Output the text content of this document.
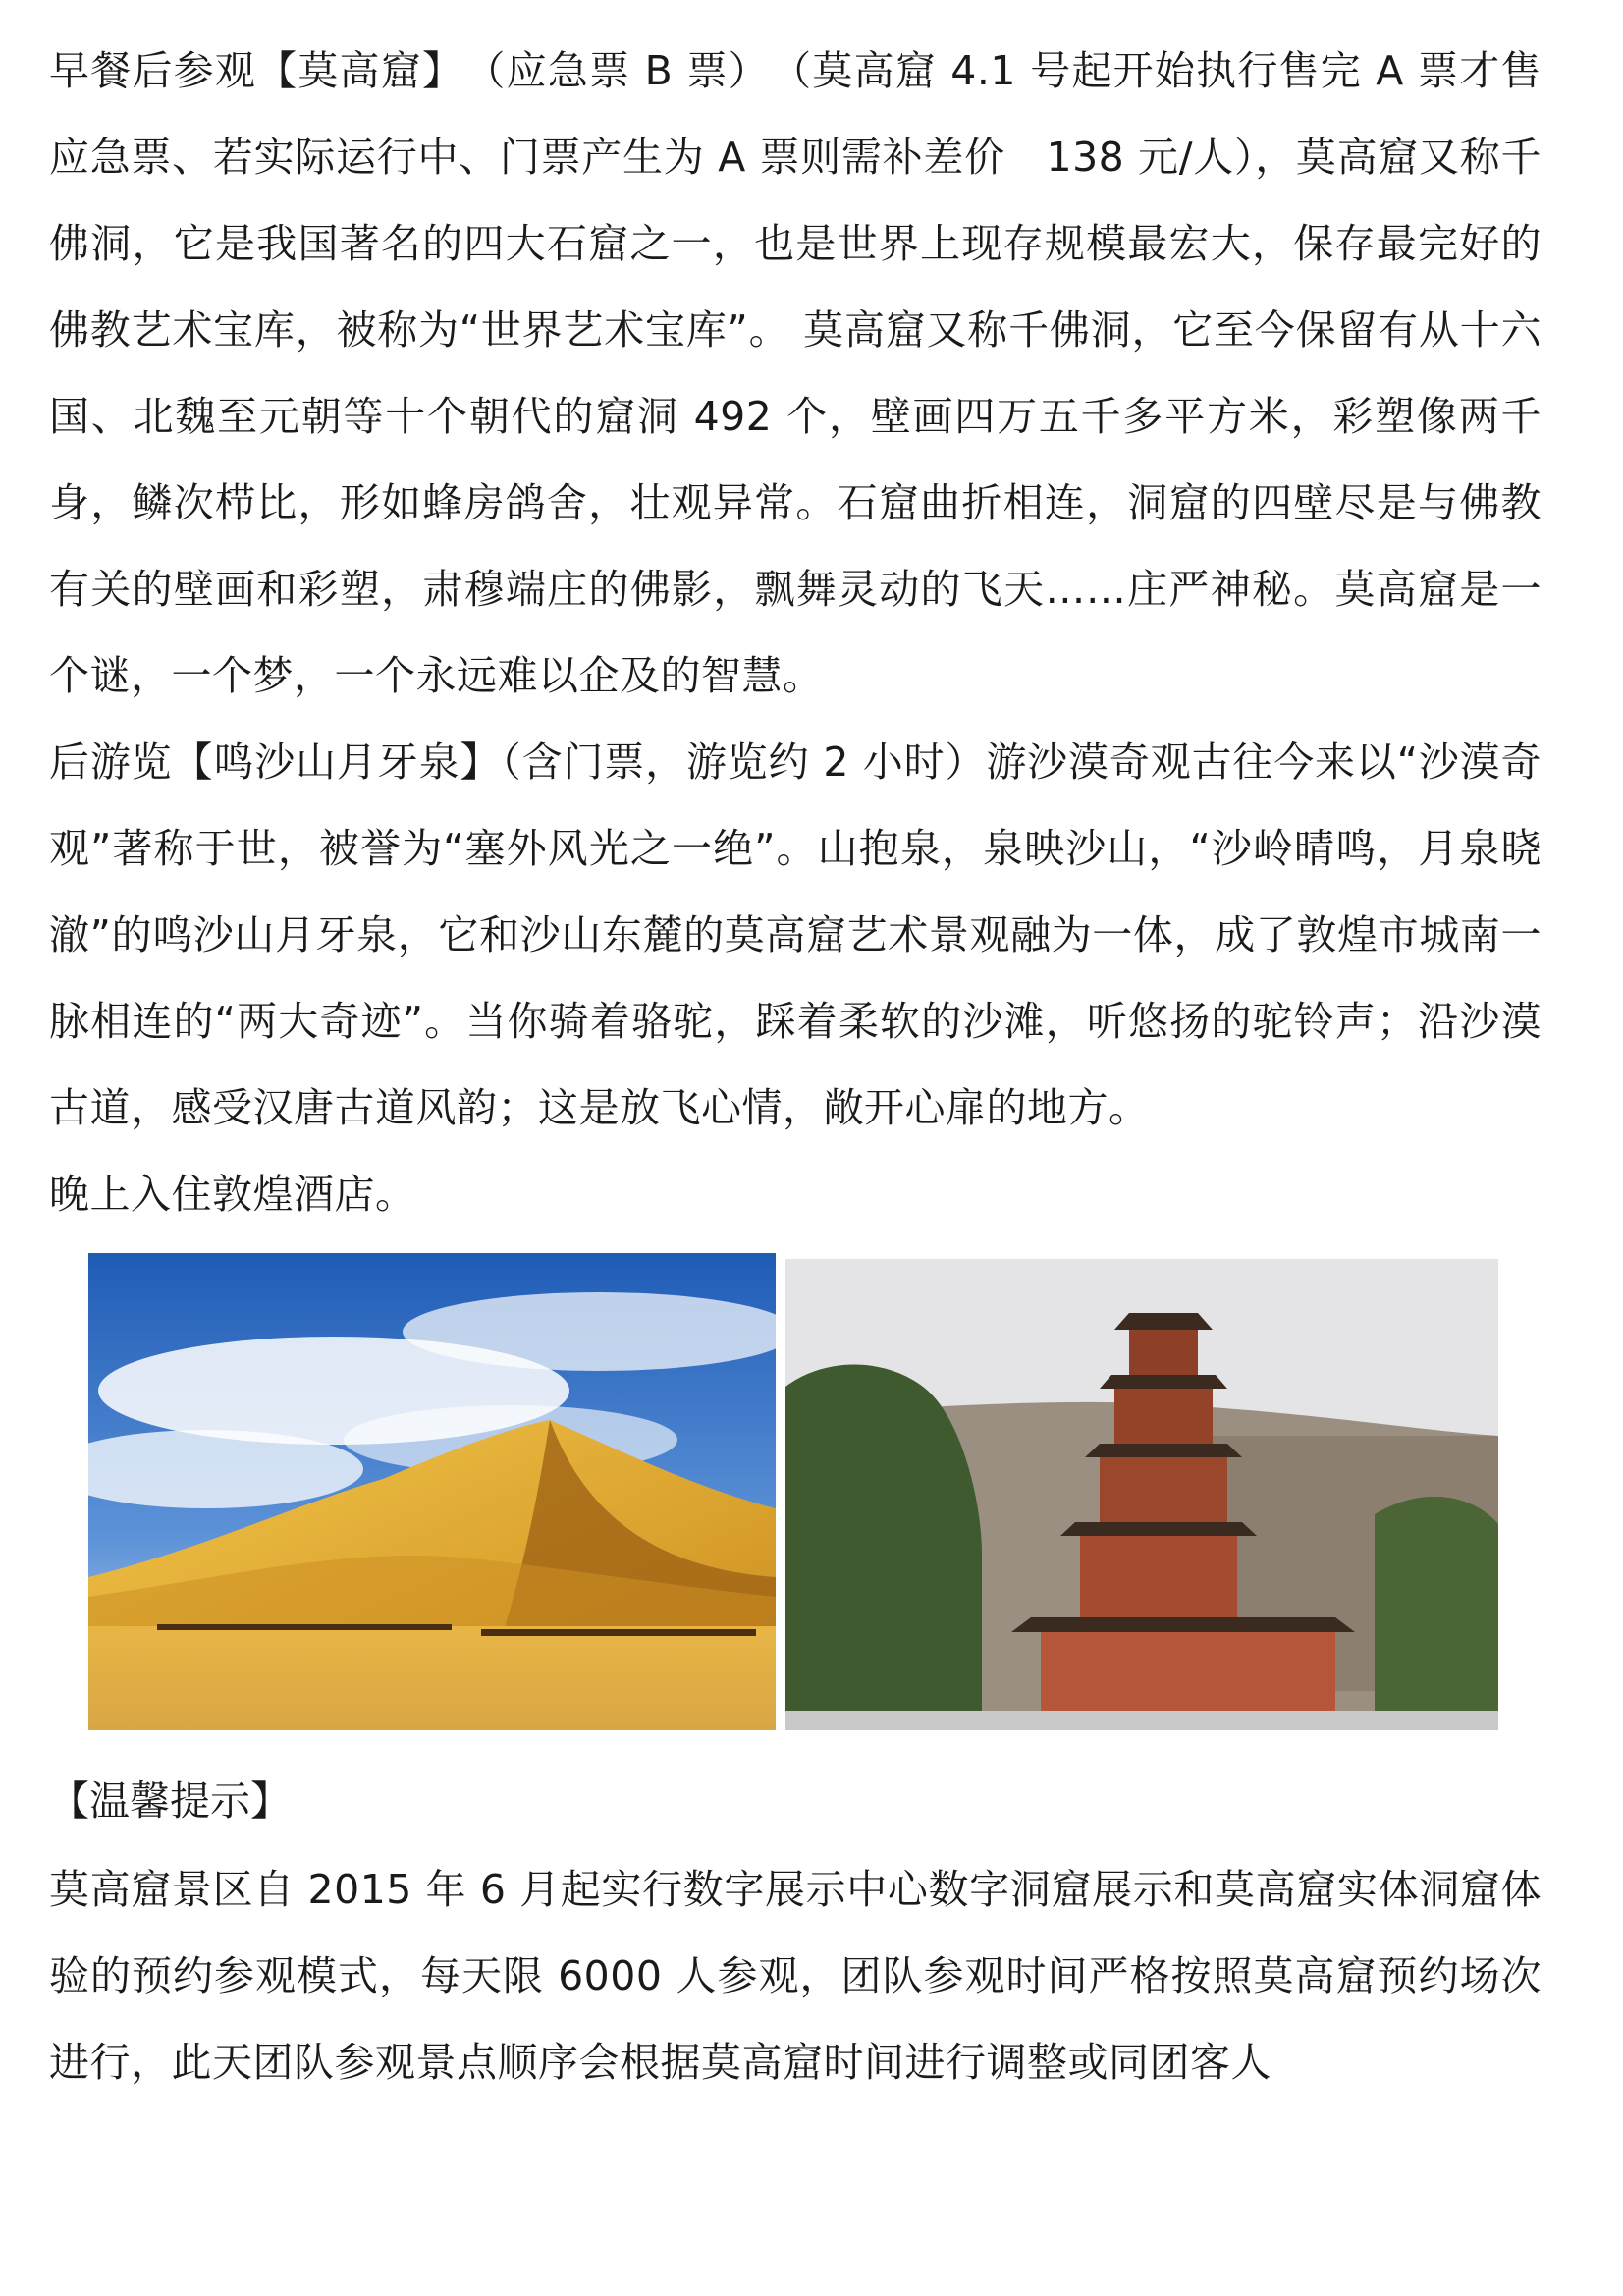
早餐后参观【莫高窟】　（应急票 B 票）　（莫高窟 4.1 号起开始执行售完 A 票才售应急票、若实际运行中、门票产生为 A 票则需补差价　138 元/人），莫高窟又称千佛洞，它是我国著名的四大石窟之一，也是世界上现存规模最宏大，保存最完好的佛教艺术宝库，被称为“世界艺术宝库”。 莫高窟又称千佛洞，它至今保留有从十六国、北魏至元朝等十个朝代的窟洞 492 个，壁画四万五千多平方米，彩塑像两千身，鳞次栉比，形如蜂房鸽舍，壮观异常。石窟曲折相连，洞窟的四壁尽是与佛教有关的壁画和彩塑，肃穆端庄的佛影，飘舞灵动的飞天……庄严神秘。莫高窟是一个谜，一个梦，一个永远难以企及的智慧。

后游览【鸣沙山月牙泉】（含门票，游览约 2 小时）游沙漠奇观古往今来以“沙漠奇观”著称于世，被誉为“塞外风光之一绝”。山抱泉，泉映沙山，“沙岭晴鸣，月泉晓澈”的鸣沙山月牙泉，它和沙山东麓的莫高窟艺术景观融为一体，成了敦煌市城南一脉相连的“两大奇迹”。当你骑着骆驼，踩着柔软的沙滩，听悠扬的驼铃声；沿沙漠古道，感受汉唐古道风韵；这是放飞心情，敞开心扉的地方。

晚上入住敦煌酒店。

【温馨提示】

莫高窟景区自 2015 年 6 月起实行数字展示中心数字洞窟展示和莫高窟实体洞窟体验的预约参观模式，每天限 6000 人参观，团队参观时间严格按照莫高窟预约场次进行，此天团队参观景点顺序会根据莫高窟时间进行调整或同团客人
